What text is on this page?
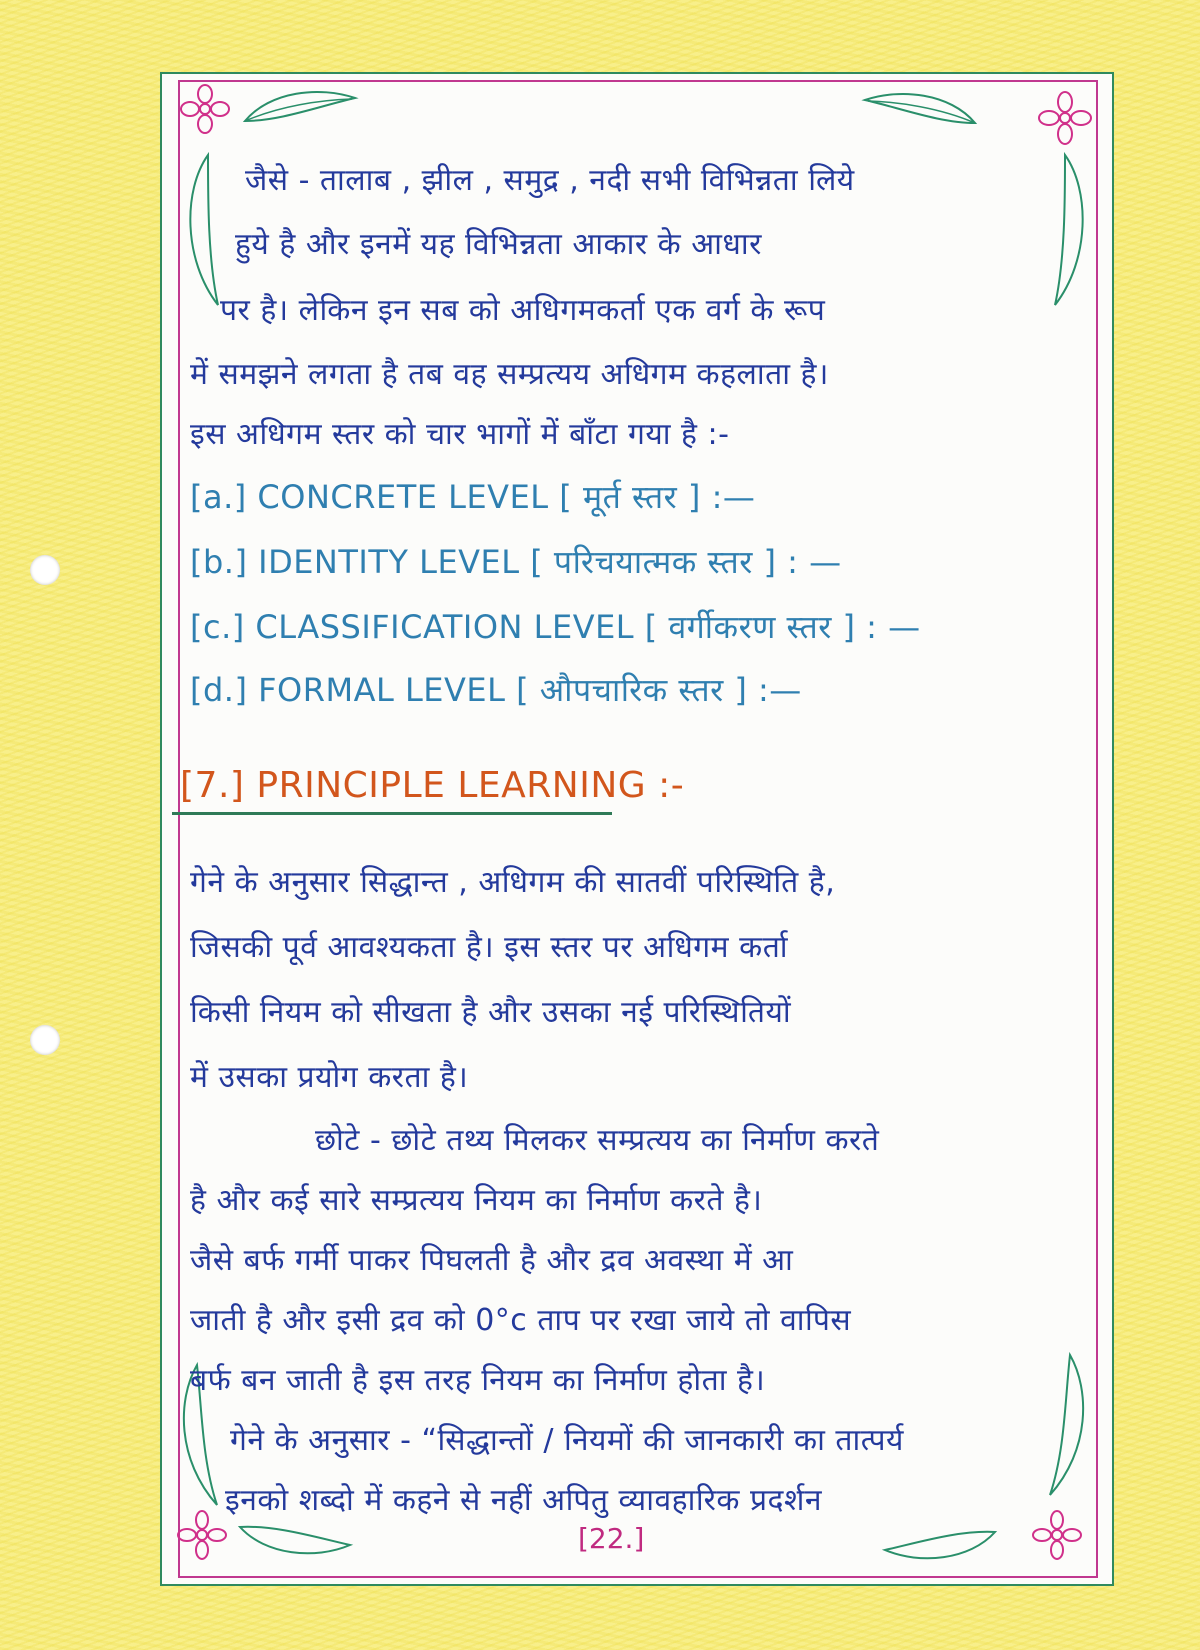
जैसे - तालाब , झील , समुद्र , नदी सभी विभिन्नता लिये
हुये है और इनमें यह विभिन्नता आकार के आधार
पर है। लेकिन इन सब को अधिगमकर्ता एक वर्ग के रूप
में समझने लगता है तब वह सम्प्रत्यय अधिगम कहलाता है।
इस अधिगम स्तर को चार भागों में बाँटा गया है :-
[a.] CONCRETE LEVEL [ मूर्त स्तर ] :—
[b.] IDENTITY LEVEL [ परिचयात्मक स्तर ] : —
[c.] CLASSIFICATION LEVEL [ वर्गीकरण स्तर ] : —
[d.] FORMAL LEVEL [ औपचारिक स्तर ] :—
[7.] PRINCIPLE LEARNING :-
गेने के अनुसार सिद्धान्त , अधिगम की सातवीं परिस्थिति है,
जिसकी पूर्व आवश्यकता है। इस स्तर पर अधिगम कर्ता
किसी नियम को सीखता है और उसका नई परिस्थितियों
में उसका प्रयोग करता है।
छोटे - छोटे तथ्य मिलकर सम्प्रत्यय का निर्माण करते
है और कई सारे सम्प्रत्यय नियम का निर्माण करते है।
जैसे बर्फ गर्मी पाकर पिघलती है और द्रव अवस्था में आ
जाती है और इसी द्रव को 0°c ताप पर रखा जाये तो वापिस
बर्फ बन जाती है इस तरह नियम का निर्माण होता है।
गेने के अनुसार - “सिद्धान्तों / नियमों की जानकारी का तात्पर्य
इनको शब्दो में कहने से नहीं अपितु व्यावहारिक प्रदर्शन
[22.]
